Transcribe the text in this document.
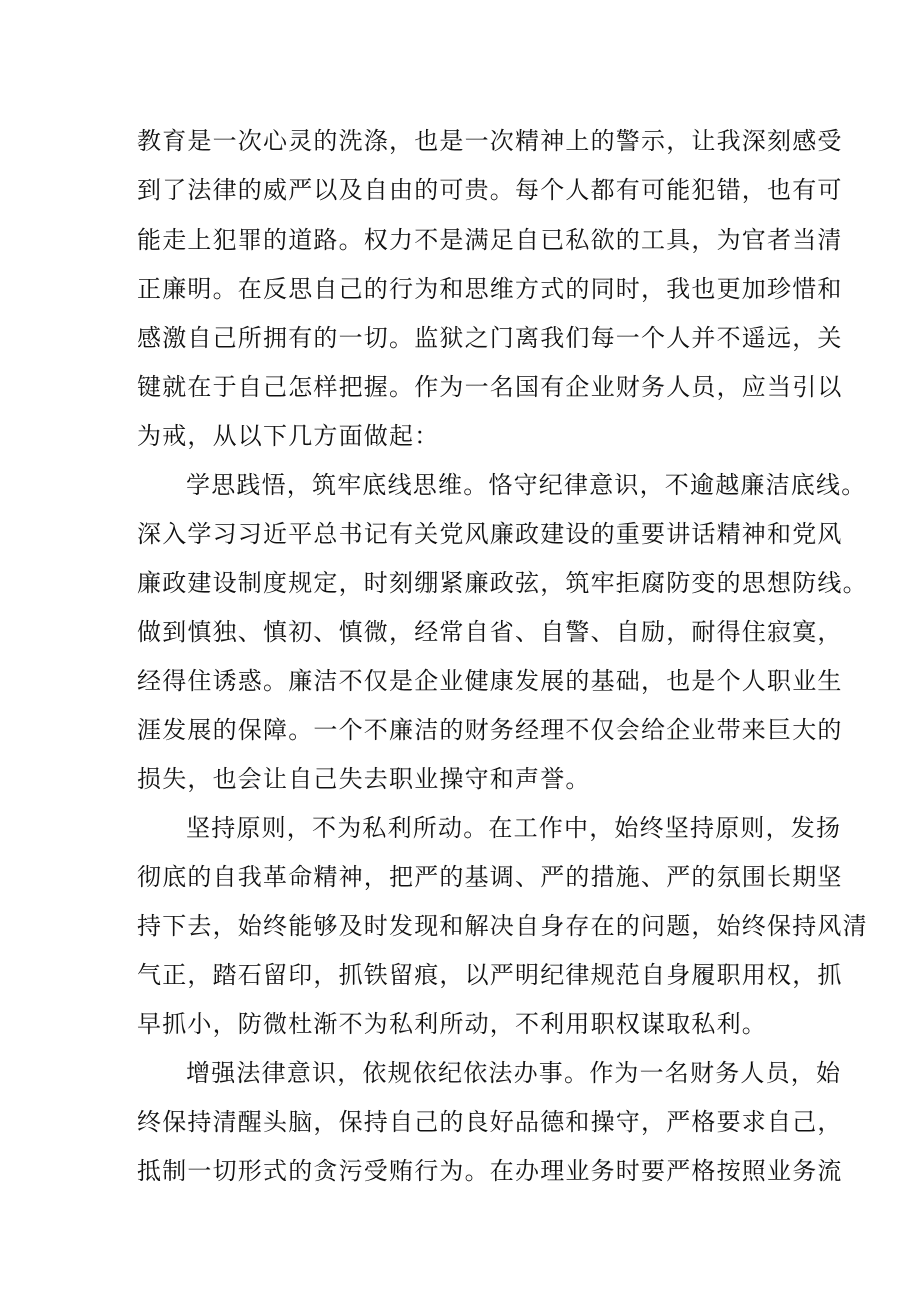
教育是一次心灵的洗涤，也是一次精神上的警示，让我深刻感受
到了法律的威严以及自由的可贵。每个人都有可能犯错，也有可
能走上犯罪的道路。权力不是满足自已私欲的工具，为官者当清
正廉明。在反思自己的行为和思维方式的同时，我也更加珍惜和
感激自己所拥有的一切。监狱之门离我们每一个人并不遥远，关
键就在于自己怎样把握。作为一名国有企业财务人员，应当引以
为戒，从以下几方面做起：
学思践悟，筑牢底线思维。恪守纪律意识，不逾越廉洁底线。
深入学习习近平总书记有关党风廉政建设的重要讲话精神和党风
廉政建设制度规定，时刻绷紧廉政弦，筑牢拒腐防变的思想防线。
做到慎独、慎初、慎微，经常自省、自警、自励，耐得住寂寞，
经得住诱惑。廉洁不仅是企业健康发展的基础，也是个人职业生
涯发展的保障。一个不廉洁的财务经理不仅会给企业带来巨大的
损失，也会让自己失去职业操守和声誉。
坚持原则，不为私利所动。在工作中，始终坚持原则，发扬
彻底的自我革命精神，把严的基调、严的措施、严的氛围长期坚
持下去，始终能够及时发现和解决自身存在的问题，始终保持风清
气正，踏石留印，抓铁留痕，以严明纪律规范自身履职用权，抓
早抓小，防微杜渐不为私利所动，不利用职权谋取私利。
增强法律意识，依规依纪依法办事。作为一名财务人员，始
终保持清醒头脑，保持自己的良好品德和操守，严格要求自己，
抵制一切形式的贪污受贿行为。在办理业务时要严格按照业务流
